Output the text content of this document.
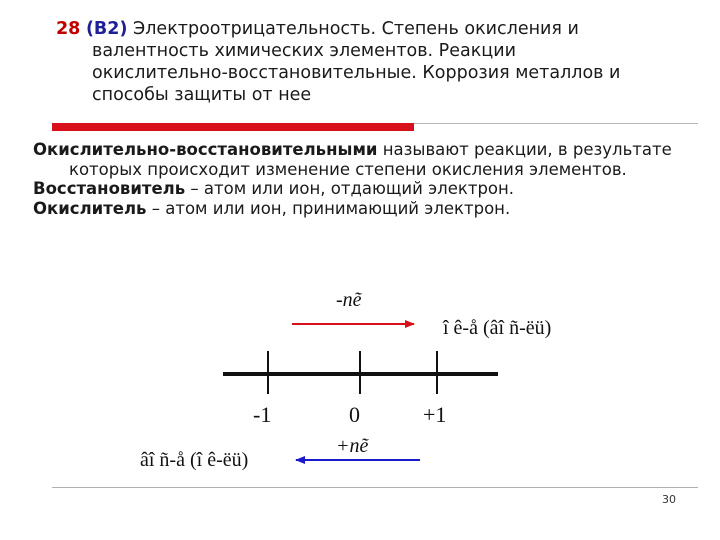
28 (B2) Электроотрицательность. Степень окисления и
валентность химических элементов. Реакции
окислительно-восстановительные. Коррозия металлов и
способы защиты от нее

Окислительно-восстановительными называют реакции, в результате которых происходит изменение степени окисления элементов.

Восстановитель – атом или ион, отдающий электрон.

Окислитель – атом или ион, принимающий электрон.

-nẽ
î ê-å (âî ñ-ëü)
-1	0	+1
+nẽ
âî ñ-å (î ê-ëü)
30
